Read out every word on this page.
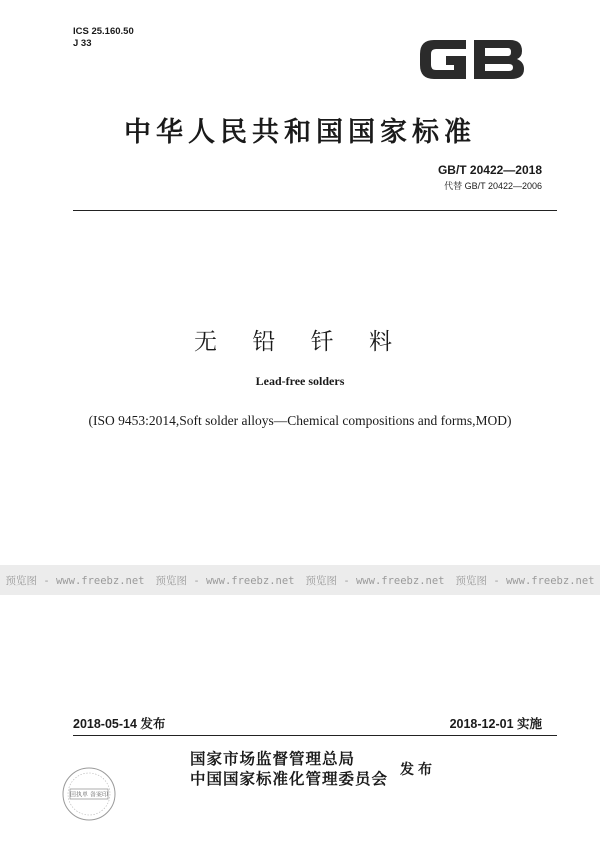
ICS 25.160.50
J 33
GB
中华人民共和国国家标准
GB/T 20422—2018
代替 GB/T 20422—2006
无 铅 钎 料
Lead-free solders
(ISO 9453:2014,Soft solder alloys—Chemical compositions and forms,MOD)
预览图 - www.freebz.net 预览图 - www.freebz.net 预览图 - www.freebz.net 预览图 - www.freebz.net
2018-05-14 发布	2018-12-01 实施
回执单 备案印
国家市场监督管理总局
中国国家标准化管理委员会 发布
